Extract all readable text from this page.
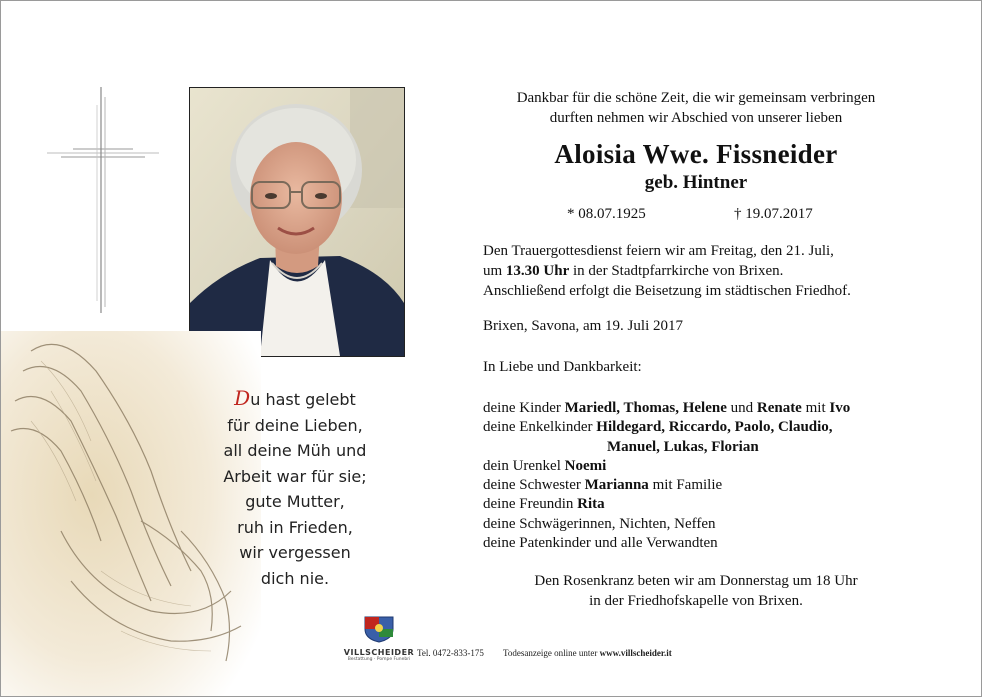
Du hast gelebt
für deine Lieben,
all deine Müh und
Arbeit war für sie;
gute Mutter,
ruh in Frieden,
wir vergessen
dich nie.
Dankbar für die schöne Zeit, die wir gemeinsam verbringen
durften nehmen wir Abschied von unserer lieben
Aloisia Wwe. Fissneider
geb. Hintner
* 08.07.1925	† 19.07.2017
Den Trauergottesdienst feiern wir am Freitag, den 21. Juli,
um 13.30 Uhr in der Stadtpfarrkirche von Brixen.
Anschließend erfolgt die Beisetzung im städtischen Friedhof.
Brixen, Savona, am 19. Juli 2017
In Liebe und Dankbarkeit:
deine Kinder Mariedl, Thomas, Helene und Renate mit Ivo
deine Enkelkinder Hildegard, Riccardo, Paolo, Claudio,
Manuel, Lukas, Florian
dein Urenkel Noemi
deine Schwester Marianna mit Familie
deine Freundin Rita
deine Schwägerinnen, Nichten, Neffen
deine Patenkinder und alle Verwandten
Den Rosenkranz beten wir am Donnerstag um 18 Uhr
in der Friedhofskapelle von Brixen.
VILLSCHEIDER
Bestattung · Pompe Funebri
Tel. 0472-833-175 Todesanzeige online unter www.villscheider.it
